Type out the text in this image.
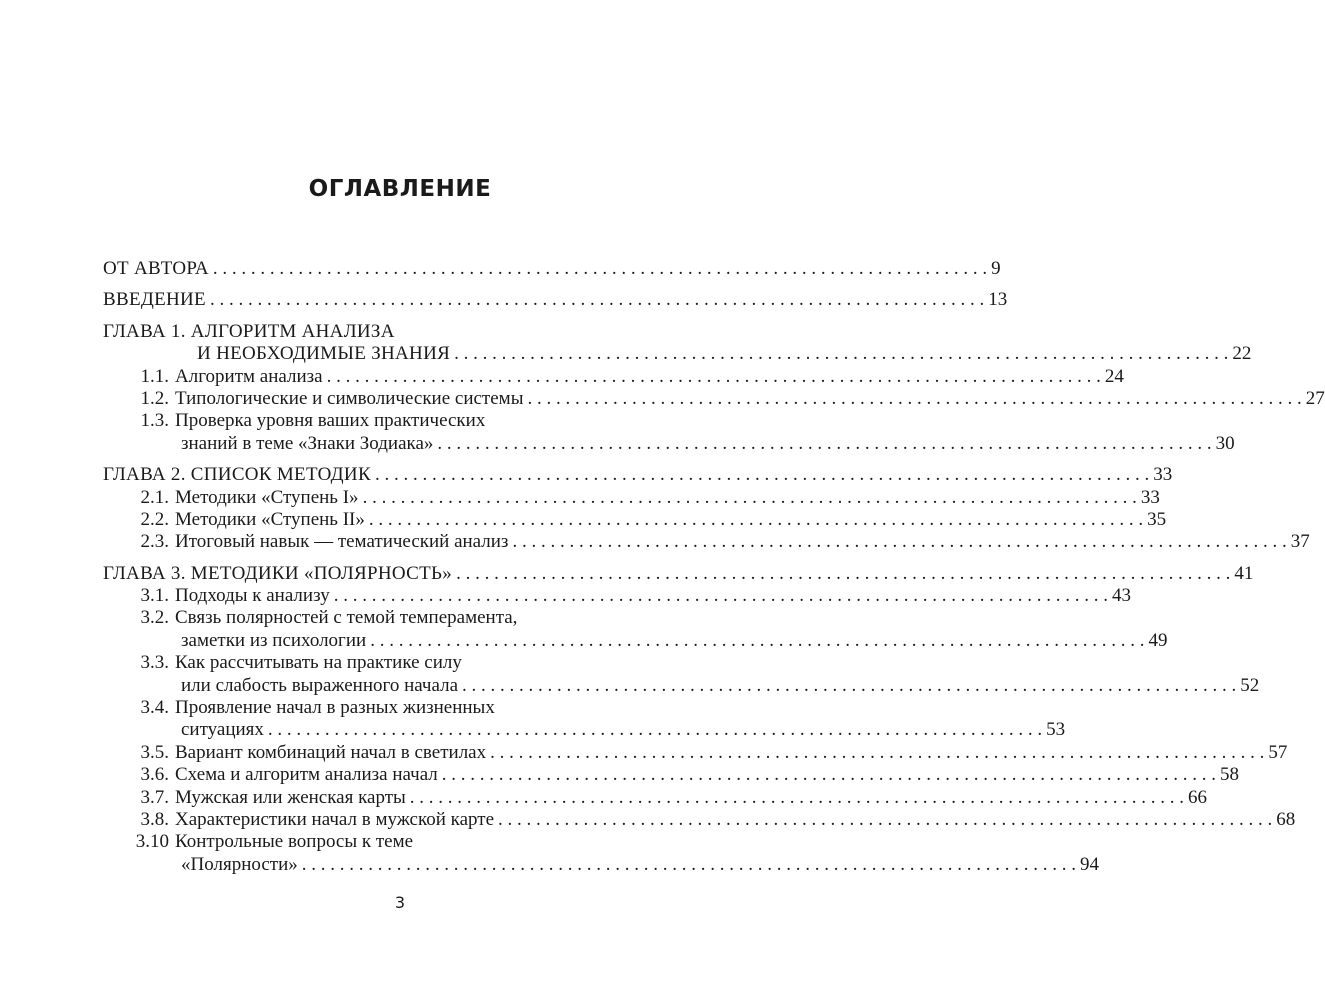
ОГЛАВЛЕНИЕ
ОТ АВТОРА . . .	9
ВВЕДЕНИЕ . . .	13
ГЛАВА 1. АЛГОРИТМ АНАЛИЗА
И НЕОБХОДИМЫЕ ЗНАНИЯ . . .	22
1.1. Алгоритм анализа . . .	24
1.2. Типологические и символические системы . . .	27
1.3. Проверка уровня ваших практических
знаний в теме «Знаки Зодиака» . . .	30
ГЛАВА 2. СПИСОК МЕТОДИК . . .	33
2.1. Методики «Ступень I» . . .	33
2.2. Методики «Ступень II» . . .	35
2.3. Итоговый навык — тематический анализ . . .	37
ГЛАВА 3. МЕТОДИКИ «ПОЛЯРНОСТЬ» . . .	41
3.1. Подходы к анализу . . .	43
3.2. Связь полярностей с темой темперамента,
заметки из психологии . . .	49
3.3. Как рассчитывать на практике силу
или слабость выраженного начала . . .	52
3.4. Проявление начал в разных жизненных
ситуациях . . .	53
3.5. Вариант комбинаций начал в светилах . . .	57
3.6. Схема и алгоритм анализа начал . . .	58
3.7. Мужская или женская карты . . .	66
3.8. Характеристики начал в мужской карте . . .	68
3.10 Контрольные вопросы к теме
«Полярности» . . .	94
3
